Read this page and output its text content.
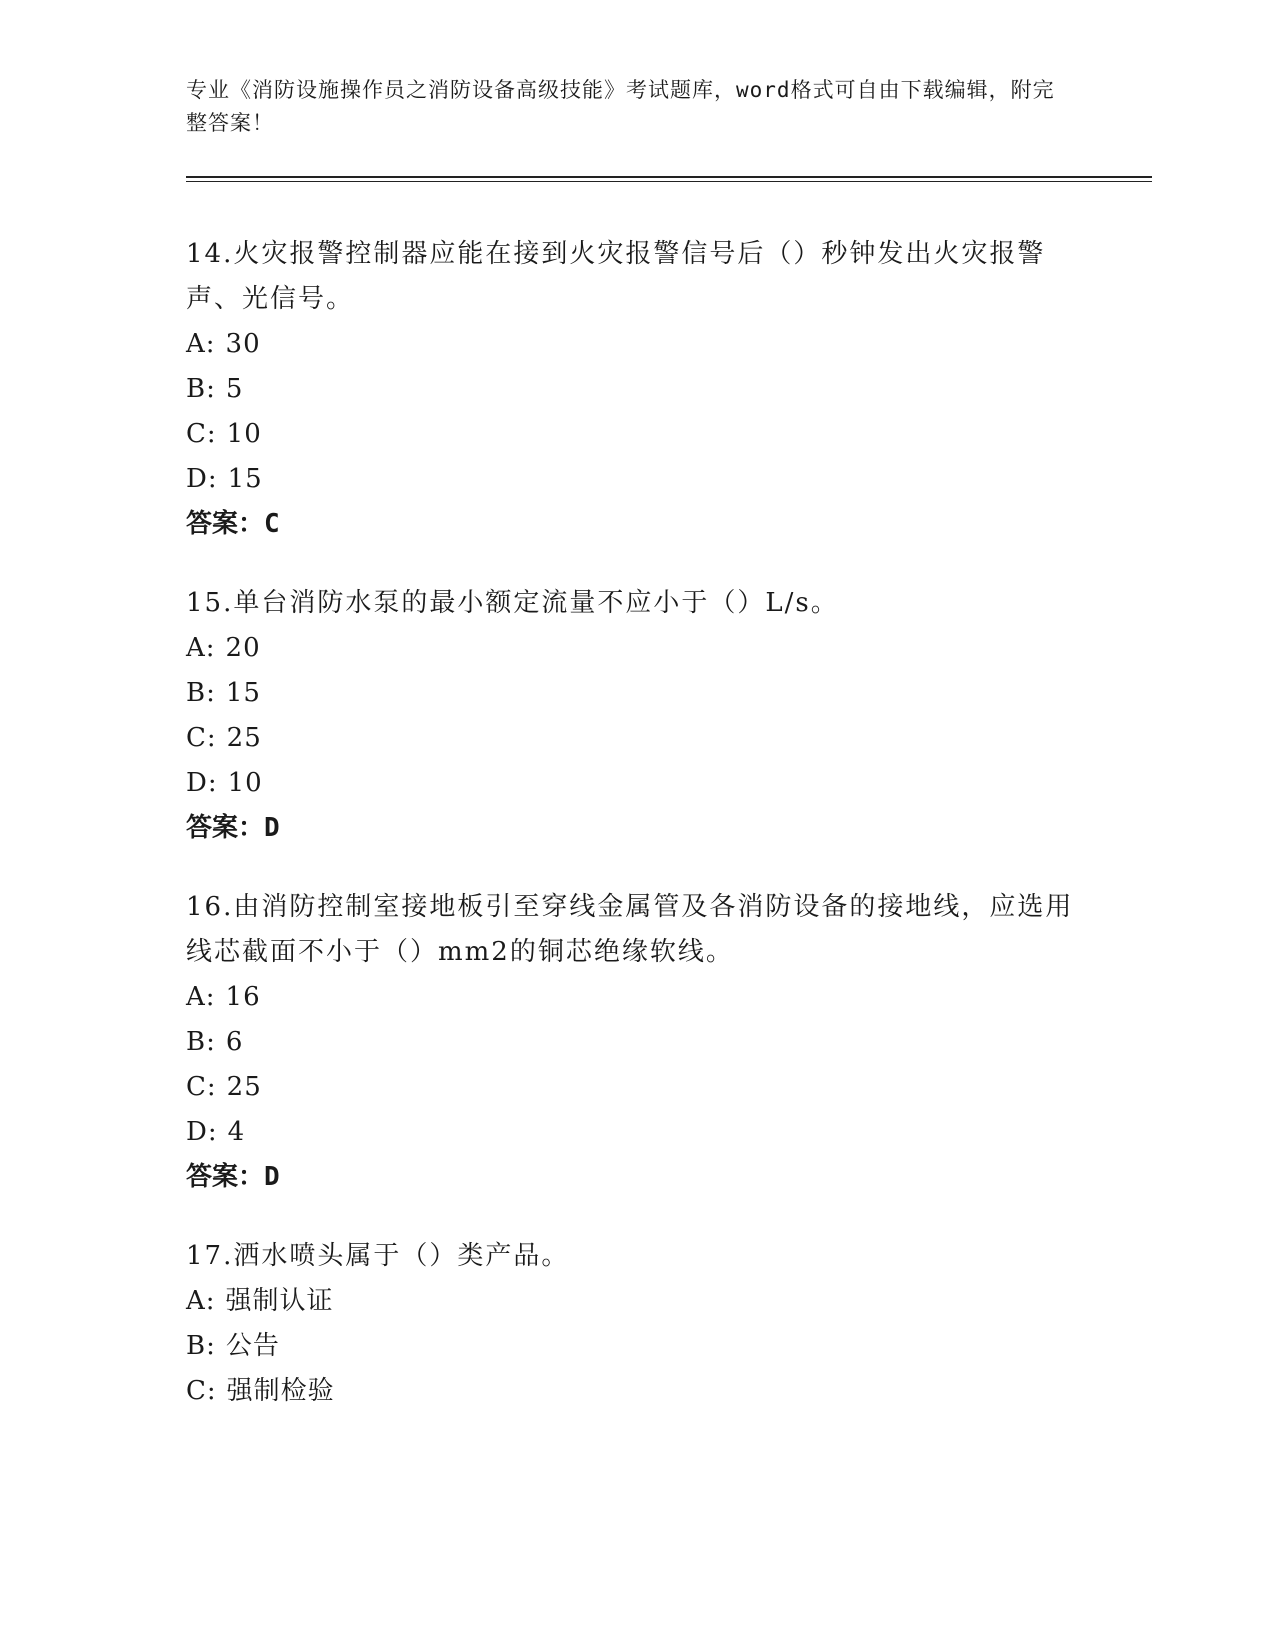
专业《消防设施操作员之消防设备高级技能》考试题库，word格式可自由下载编辑，附完整答案！

14.火灾报警控制器应能在接到火灾报警信号后（）秒钟发出火灾报警声、光信号。

A: 30
B: 5
C: 10
D: 15
答案：C

15.单台消防水泵的最小额定流量不应小于（）L/s。

A: 20
B: 15
C: 25
D: 10
答案：D

16.由消防控制室接地板引至穿线金属管及各消防设备的接地线，应选用线芯截面不小于（）mm2的铜芯绝缘软线。

A: 16
B: 6
C: 25
D: 4
答案：D

17.洒水喷头属于（）类产品。

A: 强制认证
B: 公告
C: 强制检验
